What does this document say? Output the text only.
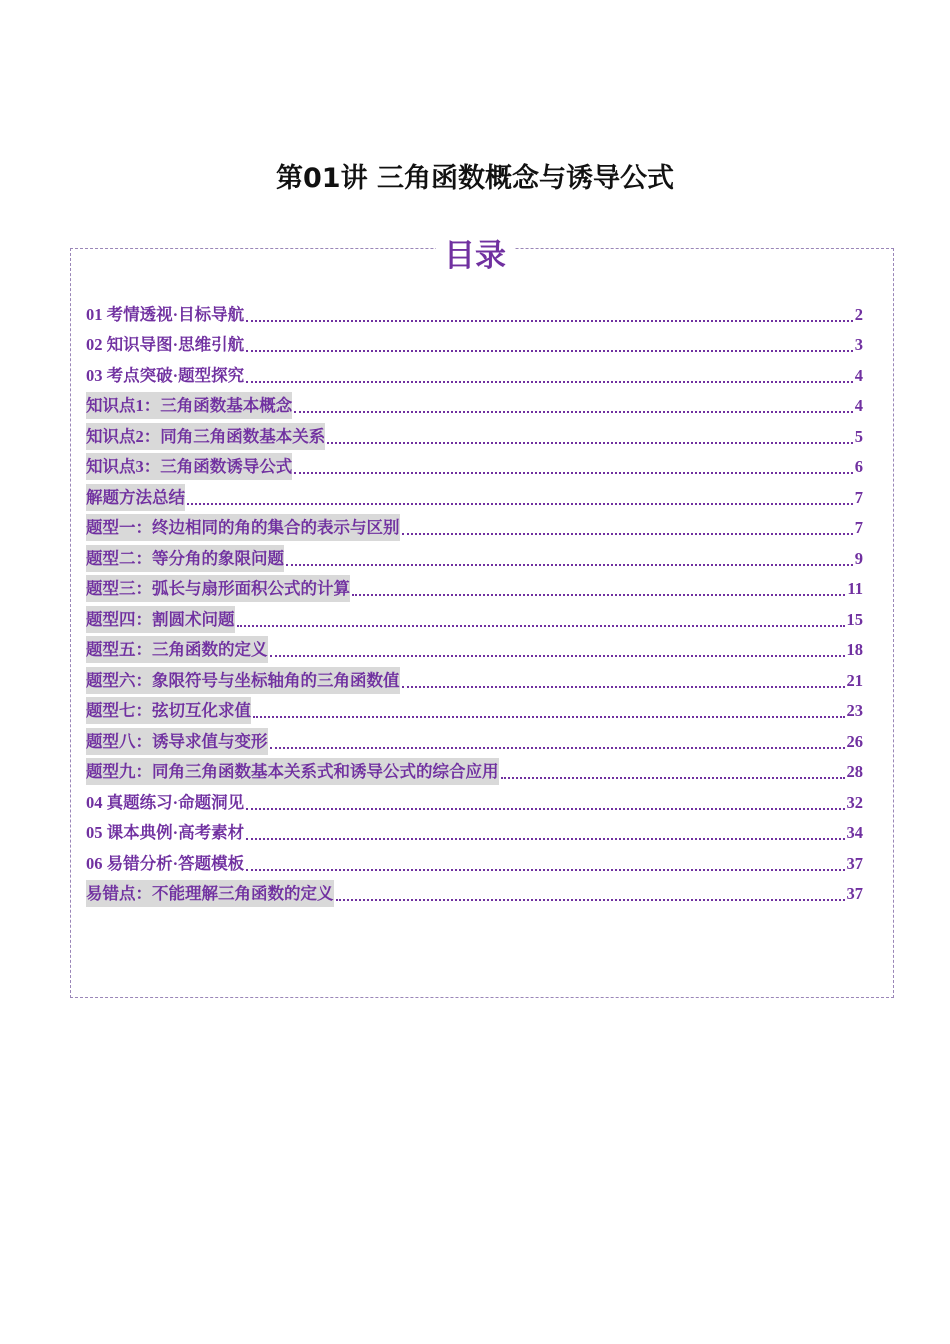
第01讲 三角函数概念与诱导公式
目录
01 考情透视·目标导航	2
02 知识导图·思维引航	3
03 考点突破·题型探究	4
知识点1：三角函数基本概念	4
知识点2：同角三角函数基本关系	5
知识点3：三角函数诱导公式	6
解题方法总结	7
题型一：终边相同的角的集合的表示与区别	7
题型二：等分角的象限问题	9
题型三：弧长与扇形面积公式的计算	11
题型四：割圆术问题	15
题型五：三角函数的定义	18
题型六：象限符号与坐标轴角的三角函数值	21
题型七：弦切互化求值	23
题型八：诱导求值与变形	26
题型九：同角三角函数基本关系式和诱导公式的综合应用	28
04 真题练习·命题洞见	32
05 课本典例·高考素材	34
06 易错分析·答题模板	37
易错点：不能理解三角函数的定义	37
